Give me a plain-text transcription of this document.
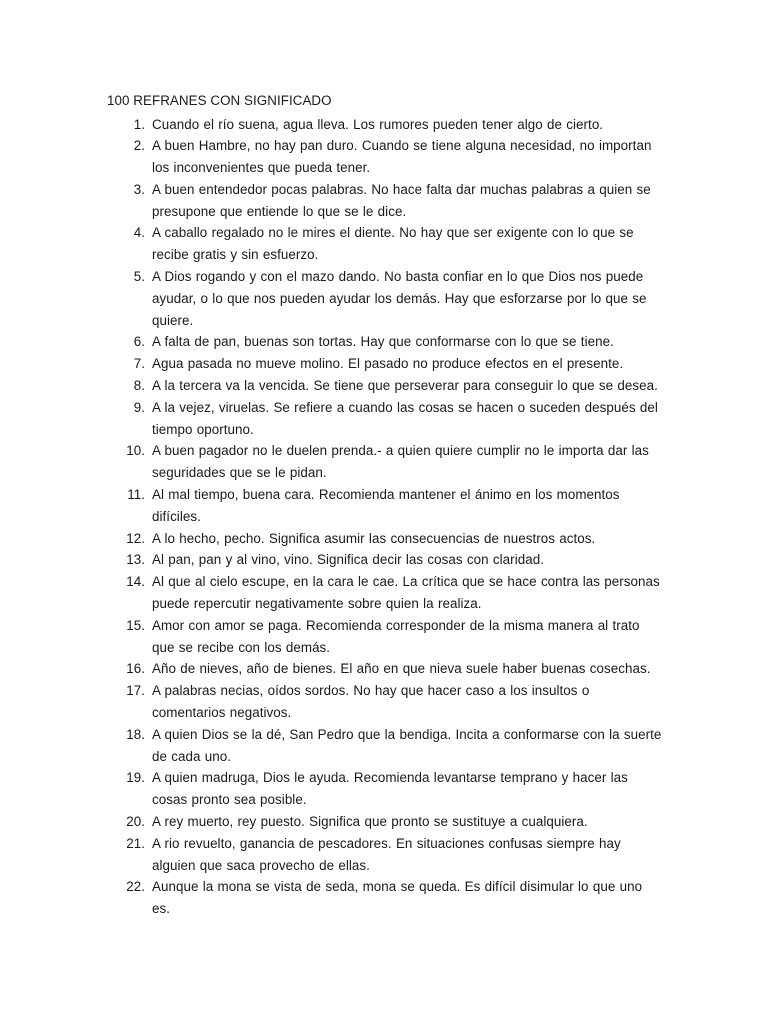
100 REFRANES CON SIGNIFICADO
1. Cuando el río suena, agua lleva. Los rumores pueden tener algo de cierto.
2. A buen Hambre, no hay pan duro. Cuando se tiene alguna necesidad, no importan los inconvenientes que pueda tener.
3. A buen entendedor pocas palabras. No hace falta dar muchas palabras a quien se presupone que entiende lo que se le dice.
4. A caballo regalado no le mires el diente. No hay que ser exigente con lo que se recibe gratis y sin esfuerzo.
5. A Dios rogando y con el mazo dando. No basta confiar en lo que Dios nos puede ayudar, o lo que nos pueden ayudar los demás. Hay que esforzarse por lo que se quiere.
6. A falta de pan, buenas son tortas. Hay que conformarse con lo que se tiene.
7. Agua pasada no mueve molino. El pasado no produce efectos en el presente.
8. A la tercera va la vencida. Se tiene que perseverar para conseguir lo que se desea.
9. A la vejez, viruelas. Se refiere a cuando las cosas se hacen o suceden después del tiempo oportuno.
10. A buen pagador no le duelen prenda.- a quien quiere cumplir no le importa dar las seguridades que se le pidan.
11. Al mal tiempo, buena cara. Recomienda mantener el ánimo en los momentos difíciles.
12. A lo hecho, pecho. Significa asumir las consecuencias de nuestros actos.
13. Al pan, pan y al vino, vino. Significa decir las cosas con claridad.
14. Al que al cielo escupe, en la cara le cae. La crítica que se hace contra las personas puede repercutir negativamente sobre quien la realiza.
15. Amor con amor se paga. Recomienda corresponder de la misma manera al trato que se recibe con los demás.
16. Año de nieves, año de bienes. El año en que nieva suele haber buenas cosechas.
17. A palabras necias, oídos sordos. No hay que hacer caso a los insultos o comentarios negativos.
18. A quien Dios se la dé, San Pedro que la bendiga. Incita a conformarse con la suerte de cada uno.
19. A quien madruga, Dios le ayuda. Recomienda levantarse temprano y hacer las cosas pronto sea posible.
20. A rey muerto, rey puesto. Significa que pronto se sustituye a cualquiera.
21. A rio revuelto, ganancia de pescadores. En situaciones confusas siempre hay alguien que saca provecho de ellas.
22. Aunque la mona se vista de seda, mona se queda. Es difícil disimular lo que uno es.
